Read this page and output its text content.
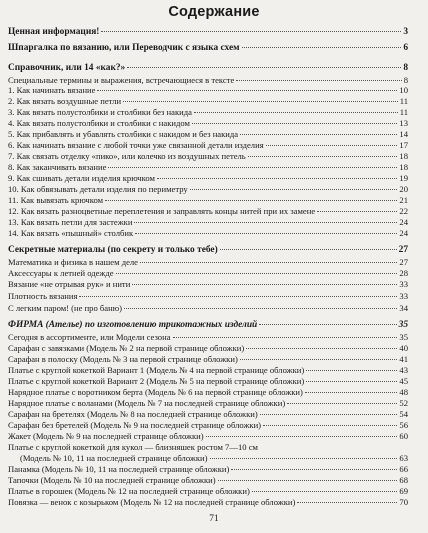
Содержание
Ценная информация!	3
Шпаргалка по вязанию, или Переводчик с языка схем	6
Справочник, или 14 «как?»	8
Специальные термины и выражения, встречающиеся в тексте	8
1. Как начинать вязание	10
2. Как вязать воздушные петли	11
3. Как вязать полустолбики и столбики без накида	11
4. Как вязать полустолбики и столбики с накидом	13
5. Как прибавлять и убавлять столбики с накидом и без накида	14
6. Как начинать вязание с любой точки уже связанной детали изделия	17
7. Как связать отделку «пико», или колечко из воздушных петель	18
8. Как заканчивать вязание	18
9. Как сшивать детали изделия крючком	19
10. Как обвязывать детали изделия по периметру	20
11. Как вывязать крючком	21
12. Как вязать разноцветные переплетения и заправлять концы нитей при их замене	22
13. Как вязать петли для застежки	24
14. Как вязать «пышный» столбик	24
Секретные материалы (по секрету и только тебе)	27
Математика и физика в нашем деле	27
Аксессуары к летней одежде	28
Вязание «не отрывая рук» и нити	33
Плотность вязания	33
С легким паром! (не про баню)	34
ФИРМА (Ателье) по изготовлению трикотажных изделий	35
Сегодня в ассортименте, или Модели сезона	35
Сарафан с завязками (Модель № 2 на первой странице обложки)	40
Сарафан в полоску (Модель № 3 на первой странице обложки)	41
Платье с круглой кокеткой Вариант 1 (Модель № 4 на первой странице обложки)	43
Платье с круглой кокеткой Вариант 2 (Модель № 5 на первой странице обложки)	45
Нарядное платье с воротником берта (Модель № 6 на первой странице обложки)	48
Нарядное платье с воланами (Модель № 7 на последней странице обложки)	52
Сарафан на бретелях (Модель № 8 на последней странице обложки)	54
Сарафан без бретелей (Модель № 9 на последней странице обложки)	56
Жакет (Модель № 9 на последней странице обложки)	60
Платье с круглой кокеткой для кукол — близняшек ростом 7—10 см
(Модель № 10, 11 на последней странице обложки)	63
Панамка (Модель № 10, 11 на последней странице обложки)	66
Тапочки (Модель № 10 на последней странице обложки)	68
Платье в горошек (Модель № 12 на последней странице обложки)	69
Повязка — венок с козырьком (Модель № 12 на последней странице обложки)	70
71
